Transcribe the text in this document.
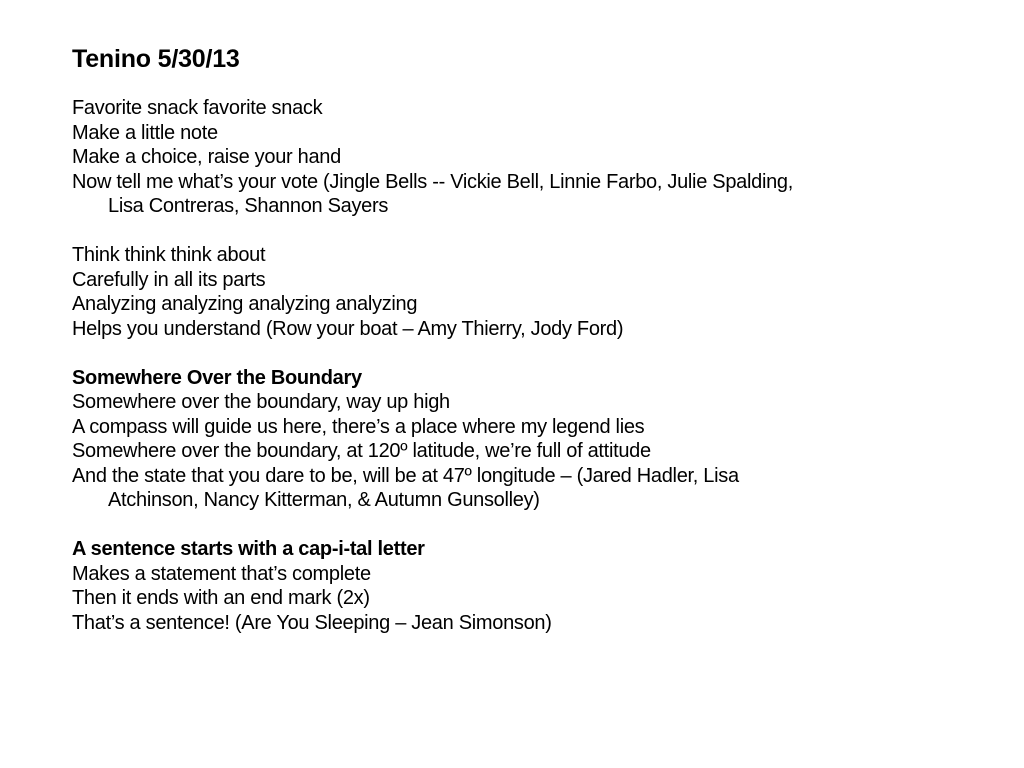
Tenino 5/30/13
Favorite snack favorite snack
Make a little note
Make a choice, raise your hand
Now tell me what’s your vote (Jingle Bells -- Vickie Bell, Linnie Farbo, Julie Spalding,
Lisa Contreras, Shannon Sayers
Think think think about
Carefully in all its parts
Analyzing analyzing analyzing analyzing
Helps you understand (Row your boat – Amy Thierry, Jody Ford)
Somewhere Over the Boundary
Somewhere over the boundary, way up high
A compass will guide us here, there’s a place where my legend lies
Somewhere over the boundary, at 120º latitude, we’re full of attitude
And the state that you dare to be, will be at 47º longitude – (Jared Hadler, Lisa
Atchinson, Nancy Kitterman, & Autumn Gunsolley)
A sentence starts with a cap-i-tal letter
Makes a statement that’s complete
Then it ends with an end mark (2x)
That’s a sentence! (Are You Sleeping – Jean Simonson)
